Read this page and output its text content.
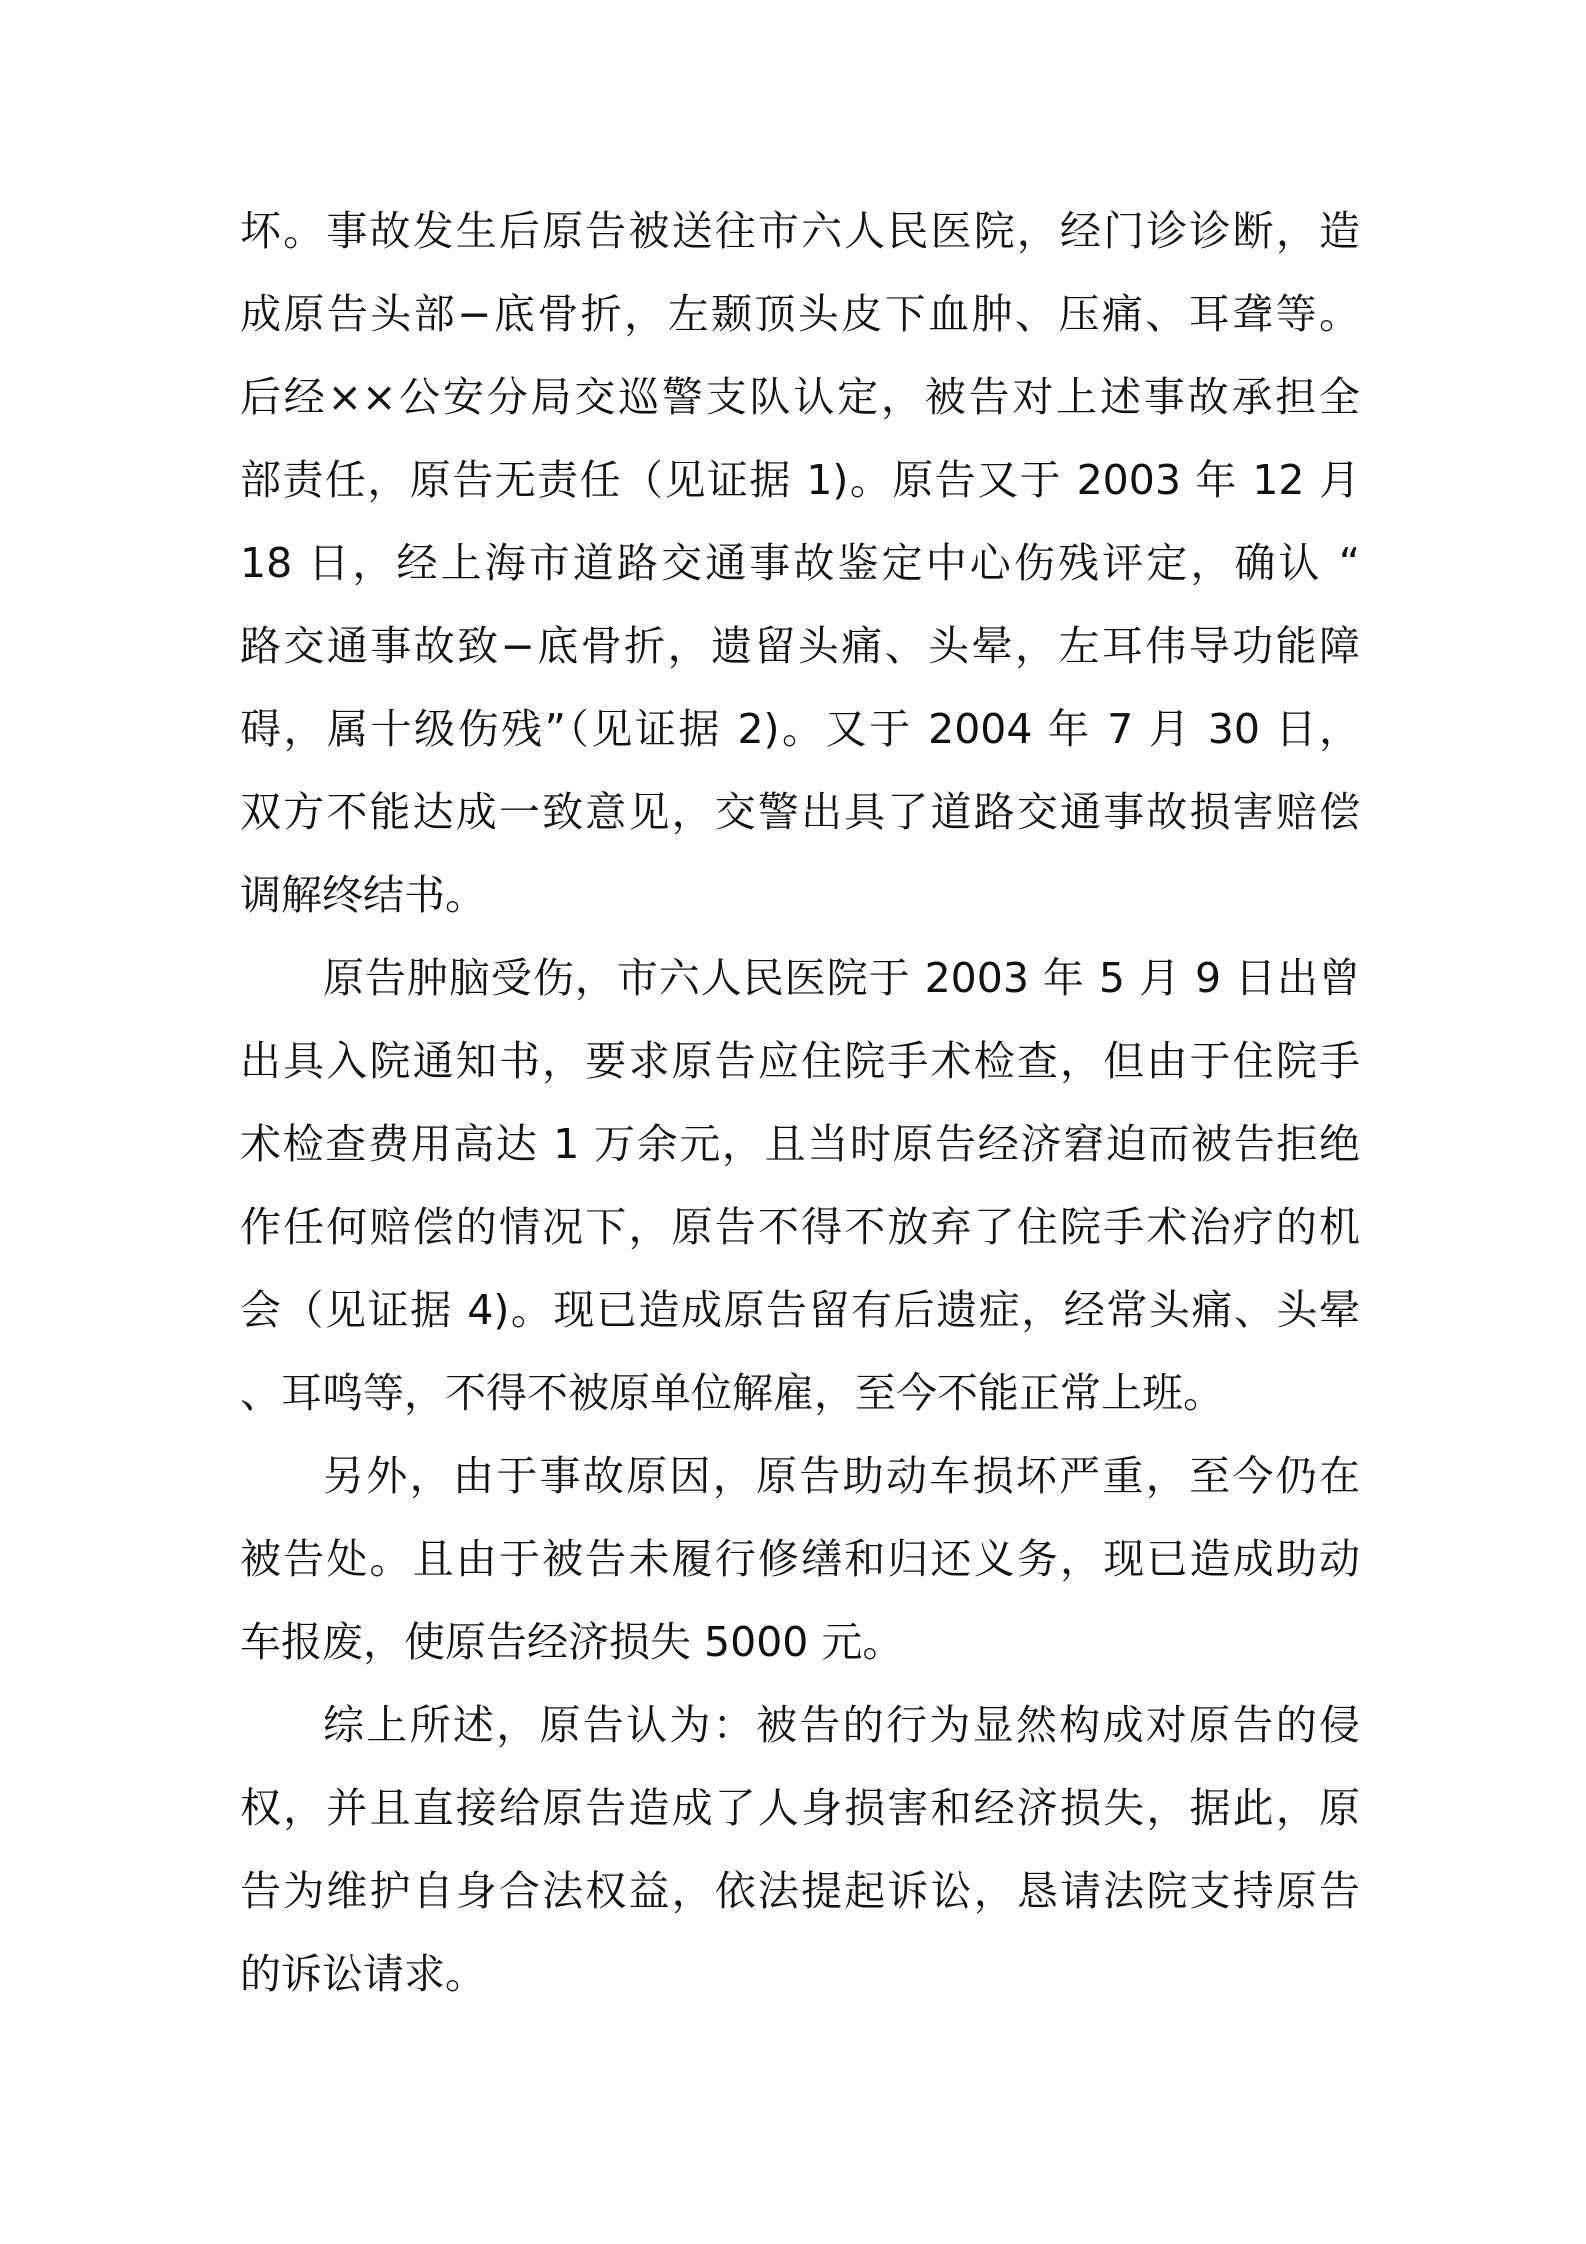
坏。事故发生后原告被送往市六人民医院，经门诊诊断，造
成原告头部−底骨折，左颞顶头皮下血肿、压痛、耳聋等。
后经××公安分局交巡警支队认定，被告对上述事故承担全
部责任，原告无责任（见证据 1)。原告又于 2003 年 12 月
18 日，经上海市道路交通事故鉴定中心伤残评定，确认 “
路交通事故致−底骨折，遗留头痛、头晕，左耳伟导功能障
碍，属十级伤残”（见证据 2)。又于 2004 年 7 月 30 日，
双方不能达成一致意见，交警出具了道路交通事故损害赔偿
调解终结书。
原告肿脑受伤，市六人民医院于 2003 年 5 月 9 日出曾
出具入院通知书，要求原告应住院手术检查，但由于住院手
术检查费用高达 1 万余元，且当时原告经济窘迫而被告拒绝
作任何赔偿的情况下，原告不得不放弃了住院手术治疗的机
会（见证据 4)。现已造成原告留有后遗症，经常头痛、头晕
、耳鸣等，不得不被原单位解雇，至今不能正常上班。
另外，由于事故原因，原告助动车损坏严重，至今仍在
被告处。且由于被告未履行修缮和归还义务，现已造成助动
车报废，使原告经济损失 5000 元。
综上所述，原告认为：被告的行为显然构成对原告的侵
权，并且直接给原告造成了人身损害和经济损失，据此，原
告为维护自身合法权益，依法提起诉讼，恳请法院支持原告
的诉讼请求。
